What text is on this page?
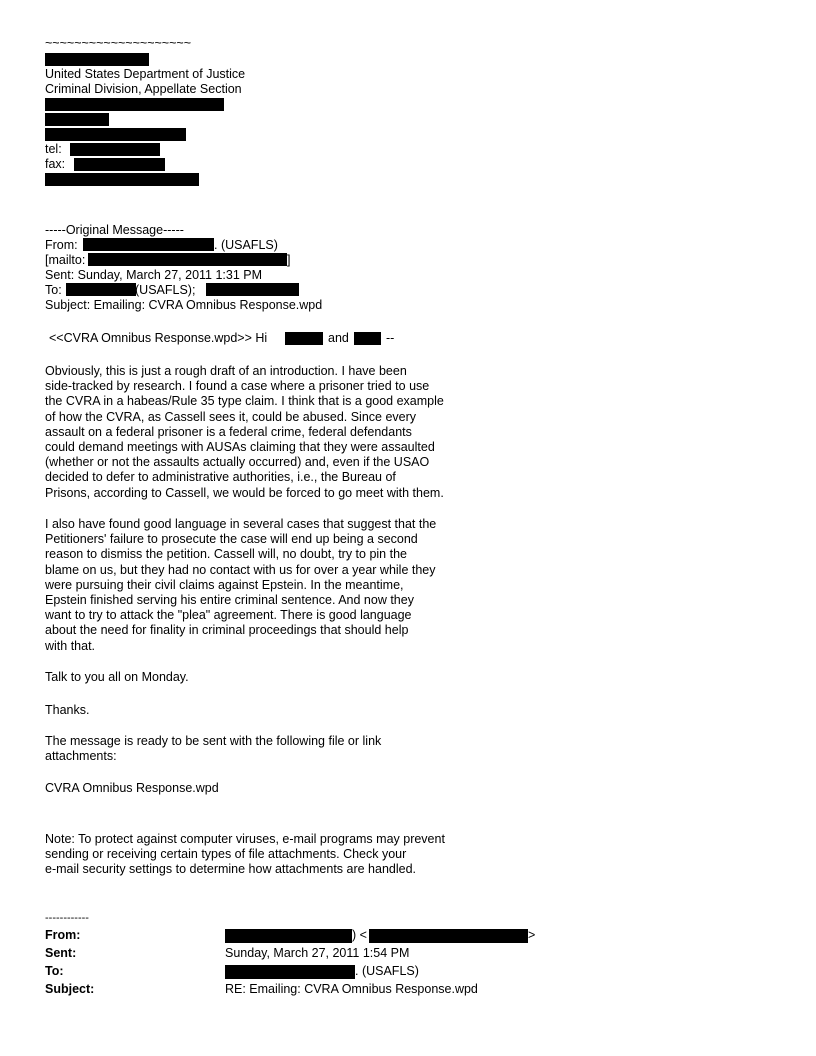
~~~~~~~~~~~~~~~~~~~~
United States Department of Justice
Criminal Division, Appellate Section
tel:
fax:
-----Original Message-----
From:	. (USAFLS)
[mailto:	]
Sent: Sunday, March 27, 2011 1:31 PM
To:	(USAFLS);
Subject: Emailing: CVRA Omnibus Response.wpd
<<CVRA Omnibus Response.wpd>> Hi	and	--
Obviously, this is just a rough draft of an introduction. I have been
side-tracked by research. I found a case where a prisoner tried to use
the CVRA in a habeas/Rule 35 type claim. I think that is a good example
of how the CVRA, as Cassell sees it, could be abused. Since every
assault on a federal prisoner is a federal crime, federal defendants
could demand meetings with AUSAs claiming that they were assaulted
(whether or not the assaults actually occurred) and, even if the USAO
decided to defer to administrative authorities, i.e., the Bureau of
Prisons, according to Cassell, we would be forced to go meet with them.
I also have found good language in several cases that suggest that the
Petitioners' failure to prosecute the case will end up being a second
reason to dismiss the petition. Cassell will, no doubt, try to pin the
blame on us, but they had no contact with us for over a year while they
were pursuing their civil claims against Epstein. In the meantime,
Epstein finished serving his entire criminal sentence. And now they
want to try to attack the "plea" agreement. There is good language
about the need for finality in criminal proceedings that should help
with that.
Talk to you all on Monday.
Thanks.
The message is ready to be sent with the following file or link
attachments:
CVRA Omnibus Response.wpd
Note: To protect against computer viruses, e-mail programs may prevent
sending or receiving certain types of file attachments. Check your
e-mail security settings to determine how attachments are handled.
------------
From:	) <	>
Sent:	Sunday, March 27, 2011 1:54 PM
To:	. (USAFLS)
Subject:	RE: Emailing: CVRA Omnibus Response.wpd
